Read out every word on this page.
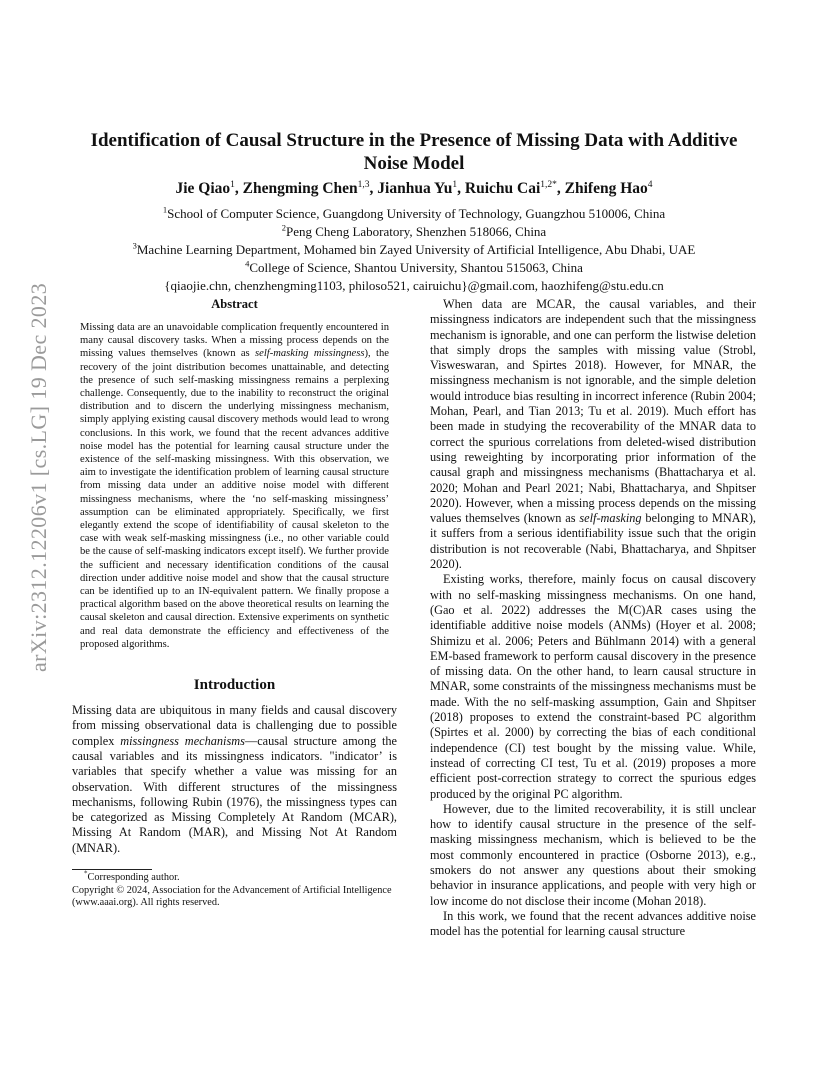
arXiv:2312.12206v1 [cs.LG] 19 Dec 2023
Identification of Causal Structure in the Presence of Missing Data with Additive Noise Model
Jie Qiao$^1$, Zhengming Chen$^{1,3}$, Jianhua Yu$^1$, Ruichu Cai$^{1,2*}$, Zhifeng Hao$^4$
$^1$School of Computer Science, Guangdong University of Technology, Guangzhou 510006, China
$^2$Peng Cheng Laboratory, Shenzhen 518066, China
$^3$Machine Learning Department, Mohamed bin Zayed University of Artificial Intelligence, Abu Dhabi, UAE
$^4$College of Science, Shantou University, Shantou 515063, China
{qiaojie.chn, chenzhengming1103, philoso521, cairuichu}@gmail.com, haozhifeng@stu.edu.cn
Abstract

Missing data are an unavoidable complication frequently encountered in many causal discovery tasks. When a missing process depends on the missing values themselves (known as self-masking missingness), the recovery of the joint distribution becomes unattainable, and detecting the presence of such self-masking missingness remains a perplexing challenge. Consequently, due to the inability to reconstruct the original distribution and to discern the underlying missingness mechanism, simply applying existing causal discovery methods would lead to wrong conclusions. In this work, we found that the recent advances additive noise model has the potential for learning causal structure under the existence of the self-masking missingness. With this observation, we aim to investigate the identification problem of learning causal structure from missing data under an additive noise model with different missingness mechanisms, where the ‘no self-masking missingness’ assumption can be eliminated appropriately. Specifically, we first elegantly extend the scope of identifiability of causal skeleton to the case with weak self-masking missingness (i.e., no other variable could be the cause of self-masking indicators except itself). We further provide the sufficient and necessary identification conditions of the causal direction under additive noise model and show that the causal structure can be identified up to an IN-equivalent pattern. We finally propose a practical algorithm based on the above theoretical results on learning the causal skeleton and causal direction. Extensive experiments on synthetic and real data demonstrate the efficiency and effectiveness of the proposed algorithms.

Introduction

Missing data are ubiquitous in many fields and causal discovery from missing observational data is challenging due to possible complex missingness mechanisms—causal structure among the causal variables and its missingness indicators. "indicator’ is variables that specify whether a value was missing for an observation. With different structures of the missingness mechanisms, following Rubin (1976), the missingness types can be categorized as Missing Completely At Random (MCAR), Missing At Random (MAR), and Missing Not At Random (MNAR).

*Corresponding author.

Copyright © 2024, Association for the Advancement of Artificial Intelligence (www.aaai.org). All rights reserved.

When data are MCAR, the causal variables, and their missingness indicators are independent such that the missingness mechanism is ignorable, and one can perform the listwise deletion that simply drops the samples with missing value (Strobl, Visweswaran, and Spirtes 2018). However, for MNAR, the missingness mechanism is not ignorable, and the simple deletion would introduce bias resulting in incorrect inference (Rubin 2004; Mohan, Pearl, and Tian 2013; Tu et al. 2019). Much effort has been made in studying the recoverability of the MNAR data to correct the spurious correlations from deleted-wised distribution using reweighting by incorporating prior information of the causal graph and missingness mechanisms (Bhattacharya et al. 2020; Mohan and Pearl 2021; Nabi, Bhattacharya, and Shpitser 2020). However, when a missing process depends on the missing values themselves (known as self-masking belonging to MNAR), it suffers from a serious identifiability issue such that the origin distribution is not recoverable (Nabi, Bhattacharya, and Shpitser 2020).

Existing works, therefore, mainly focus on causal discovery with no self-masking missingness mechanisms. On one hand, (Gao et al. 2022) addresses the M(C)AR cases using the identifiable additive noise models (ANMs) (Hoyer et al. 2008; Shimizu et al. 2006; Peters and Bühlmann 2014) with a general EM-based framework to perform causal discovery in the presence of missing data. On the other hand, to learn causal structure in MNAR, some constraints of the missingness mechanisms must be made. With the no self-masking assumption, Gain and Shpitser (2018) proposes to extend the constraint-based PC algorithm (Spirtes et al. 2000) by correcting the bias of each conditional independence (CI) test bought by the missing value. While, instead of correcting CI test, Tu et al. (2019) proposes a more efficient post-correction strategy to correct the spurious edges produced by the original PC algorithm.

However, due to the limited recoverability, it is still unclear how to identify causal structure in the presence of the self-masking missingness mechanism, which is believed to be the most commonly encountered in practice (Osborne 2013), e.g., smokers do not answer any questions about their smoking behavior in insurance applications, and people with very high or low income do not disclose their income (Mohan 2018).

In this work, we found that the recent advances additive noise model has the potential for learning causal structure
